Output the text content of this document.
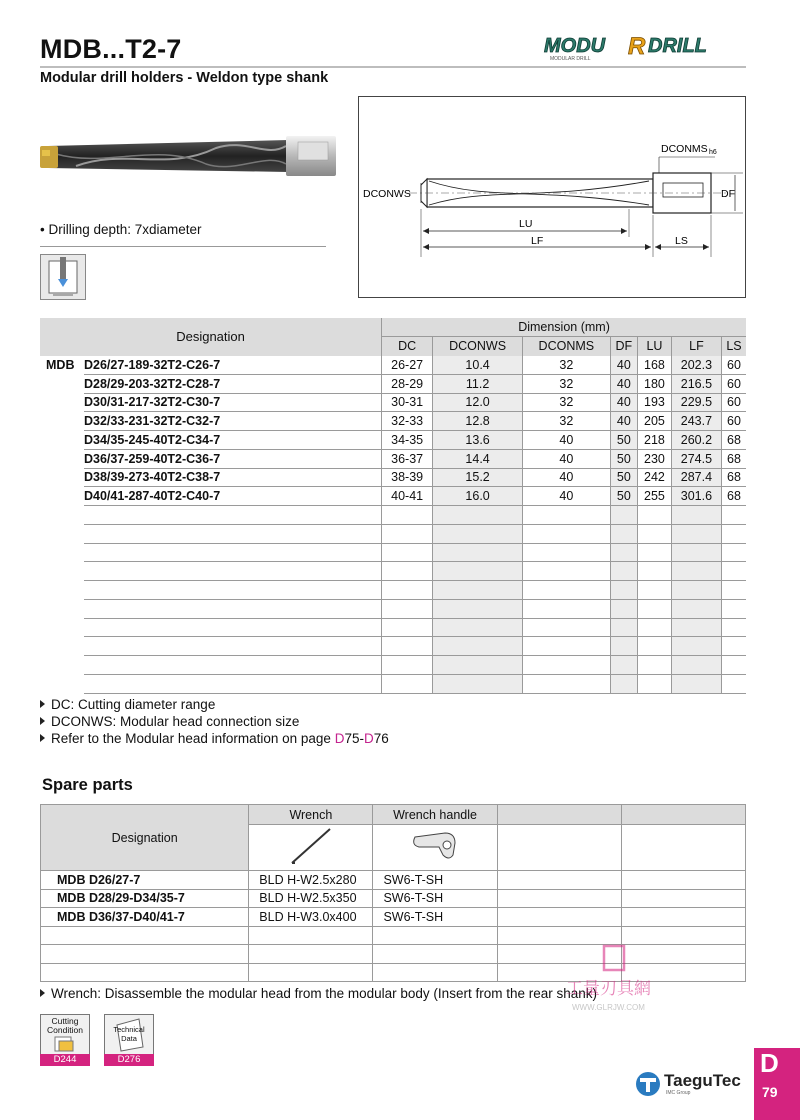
MDB...T2-7
Modular drill holders - Weldon type shank
MODU R DRILL
MODULAR DRILL
• Drilling depth: 7xdiameter
DCONWS
DCONMS h6
DF
LU
LF	LS
Designation		Dimension (mm)						
		DC	DCONWS	DCONMS	DF	LU	LF	LS
MDB	D26/27-189-32T2-C26-7	26-27	10.4	32	40	168	202.3	60
	D28/29-203-32T2-C28-7	28-29	11.2	32	40	180	216.5	60
	D30/31-217-32T2-C30-7	30-31	12.0	32	40	193	229.5	60
	D32/33-231-32T2-C32-7	32-33	12.8	32	40	205	243.7	60
	D34/35-245-40T2-C34-7	34-35	13.6	40	50	218	260.2	68
	D36/37-259-40T2-C36-7	36-37	14.4	40	50	230	274.5	68
	D38/39-273-40T2-C38-7	38-39	15.2	40	50	242	287.4	68
	D40/41-287-40T2-C40-7	40-41	16.0	40	50	255	301.6	68

DC: Cutting diameter range
DCONWS: Modular head connection size
Refer to the Modular head information on page D75-D76
Spare parts
Designation	Wrench	Wrench handle		

MDB D26/27-7	BLD H-W2.5x280	SW6-T-SH		
MDB D28/29-D34/35-7	BLD H-W2.5x350	SW6-T-SH		
MDB D36/37-D40/41-7	BLD H-W3.0x400	SW6-T-SH		

Wrench: Disassemble the modular head from the modular body (Insert from the rear shank)
工量刃具網
WWW.GLRJW.COM
Cutting Condition
D244
Technical Data
D276
TaeguTec
IMC Group
D
79
